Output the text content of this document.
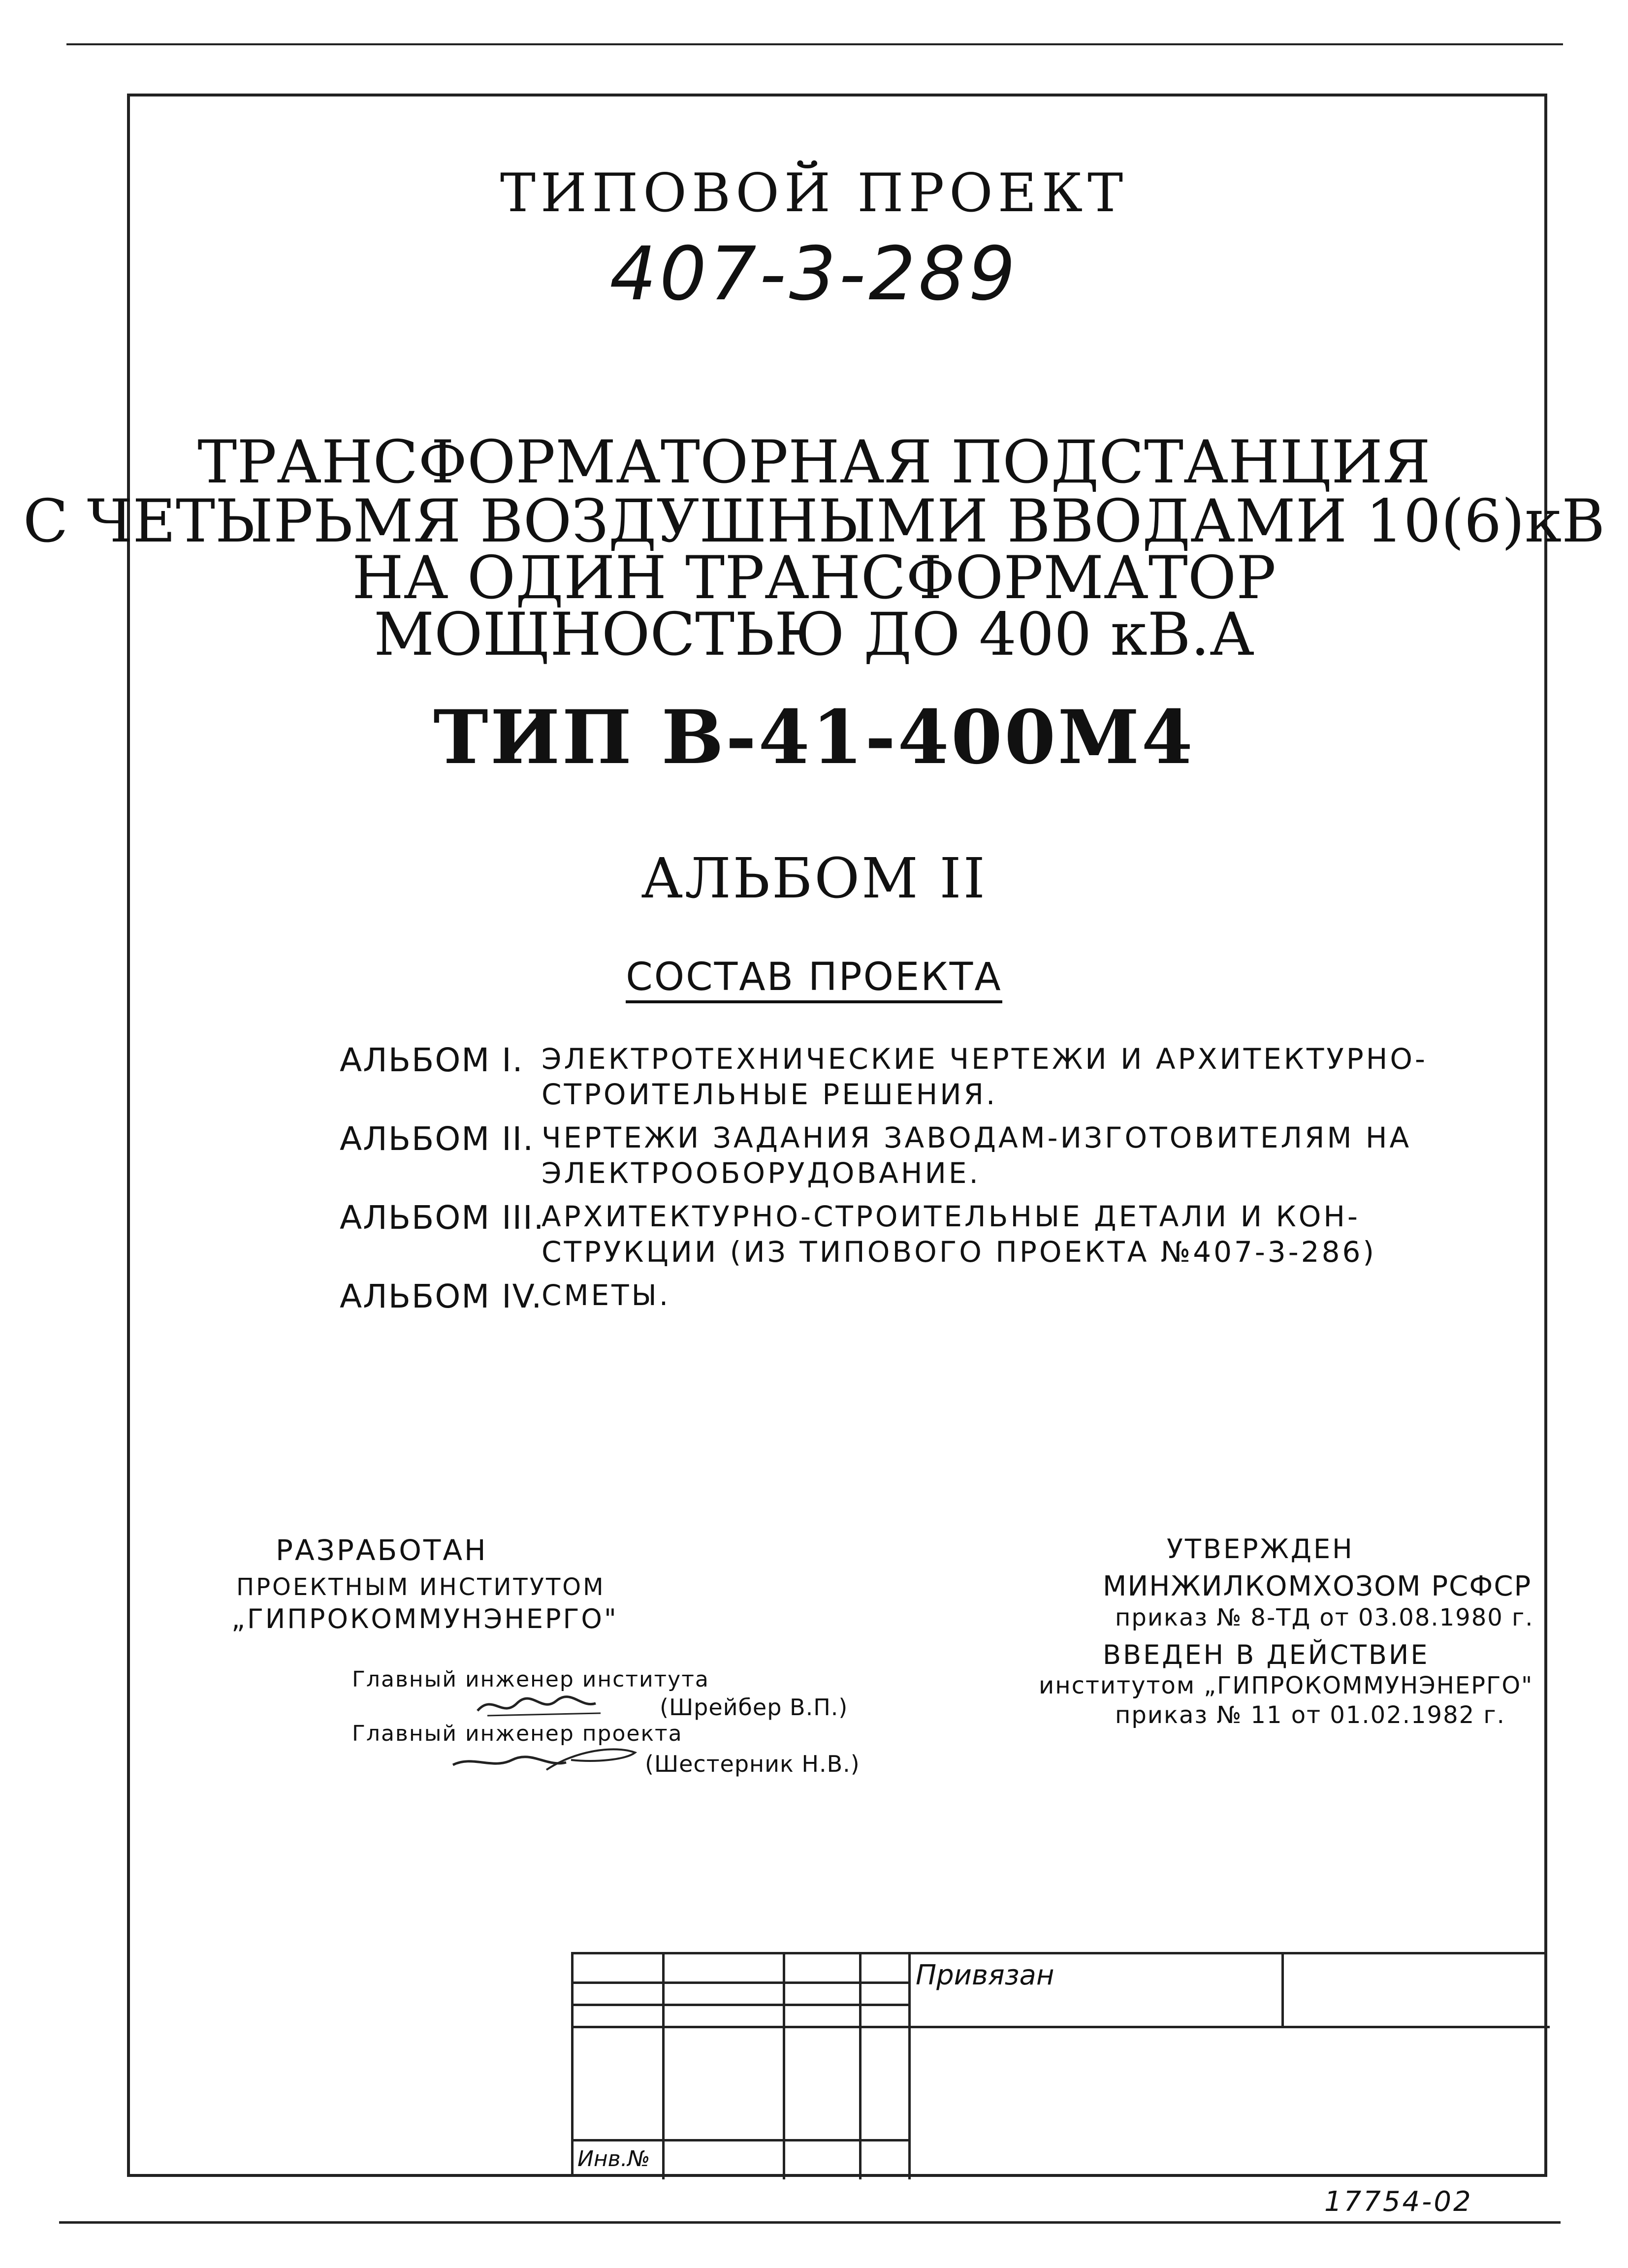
ТИПОВОЙ ПРОЕКТ
407-3-289
ТРАНСФОРМАТОРНАЯ ПОДСТАНЦИЯ
С ЧЕТЫРЬМЯ ВОЗДУШНЫМИ ВВОДАМИ 10(6)кВ
НА ОДИН ТРАНСФОРМАТОР
МОЩНОСТЬЮ ДО 400 кВ.А
ТИП В-41-400М4
АЛЬБОМ II
СОСТАВ ПРОЕКТА
АЛЬБОМ I. ЭЛЕКТРОТЕХНИЧЕСКИЕ ЧЕРТЕЖИ И АРХИТЕКТУРНО-СТРОИТЕЛЬНЫЕ РЕШЕНИЯ.
АЛЬБОМ II. ЧЕРТЕЖИ ЗАДАНИЯ ЗАВОДАМ-ИЗГОТОВИТЕЛЯМ НА ЭЛЕКТРООБОРУДОВАНИЕ.
АЛЬБОМ III.
АРХИТЕКТУРНО-СТРОИТЕЛЬНЫЕ ДЕТАЛИ И КОН-СТРУКЦИИ (ИЗ ТИПОВОГО ПРОЕКТА №407-3-286)
АЛЬБОМ IV.
СМЕТЫ.
РАЗРАБОТАН
ПРОЕКТНЫМ ИНСТИТУТОМ
„ГИПРОКОММУНЭНЕРГО"
Главный инженер института
(Шрейбер В.П.)
Главный инженер проекта
(Шестерник Н.В.)
УТВЕРЖДЕН
МИНЖИЛКОМХОЗОМ РСФСР
приказ № 8-ТД от 03.08.1980 г.
ВВЕДЕН В ДЕЙСТВИЕ
институтом „ГИПРОКОММУНЭНЕРГО"
приказ № 11 от 01.02.1982 г.
Привязан
Инв.№
17754-02
